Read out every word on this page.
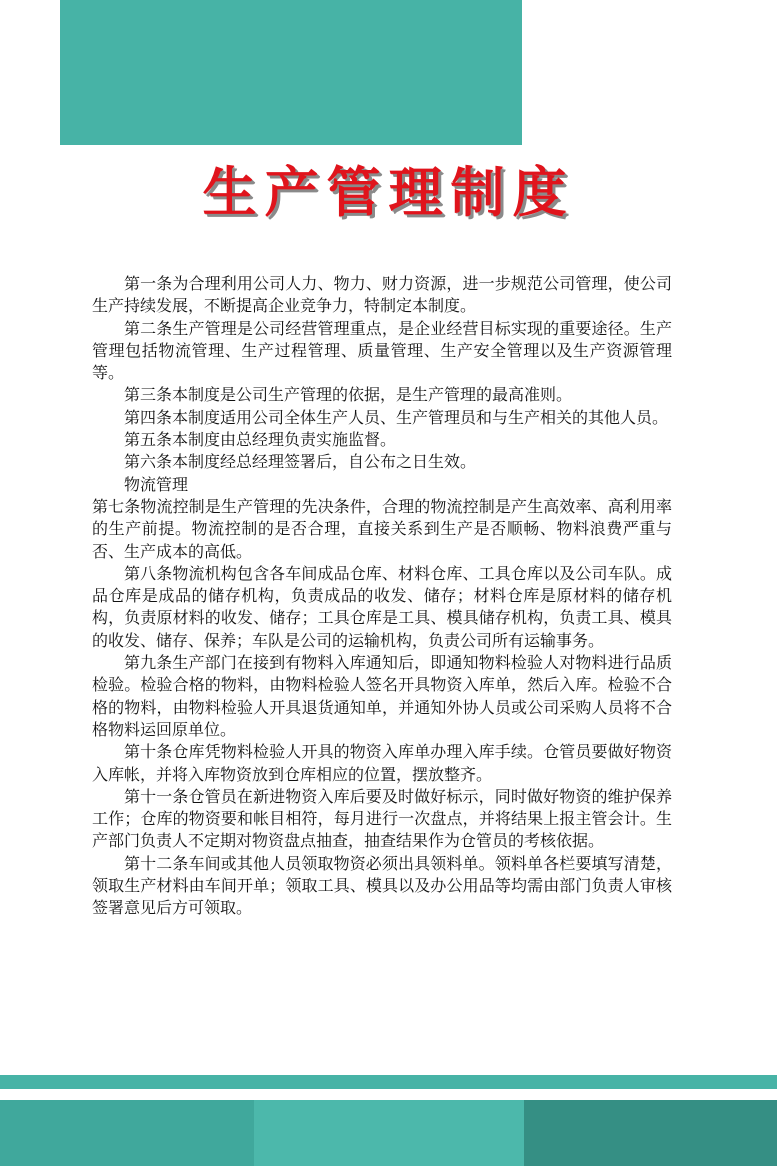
生产管理制度

第一条为合理利用公司人力、物力、财力资源，进一步规范公司管理，使公司生产持续发展，不断提高企业竞争力，特制定本制度。

第二条生产管理是公司经营管理重点，是企业经营目标实现的重要途径。生产管理包括物流管理、生产过程管理、质量管理、生产安全管理以及生产资源管理等。

第三条本制度是公司生产管理的依据，是生产管理的最高准则。

第四条本制度适用公司全体生产人员、生产管理员和与生产相关的其他人员。

第五条本制度由总经理负责实施监督。

第六条本制度经总经理签署后，自公布之日生效。

物流管理

第七条物流控制是生产管理的先决条件，合理的物流控制是产生高效率、高利用率的生产前提。物流控制的是否合理，直接关系到生产是否顺畅、物料浪费严重与否、生产成本的高低。

第八条物流机构包含各车间成品仓库、材料仓库、工具仓库以及公司车队。成品仓库是成品的储存机构，负责成品的收发、储存；材料仓库是原材料的储存机构，负责原材料的收发、储存；工具仓库是工具、模具储存机构，负责工具、模具的收发、储存、保养；车队是公司的运输机构，负责公司所有运输事务。

第九条生产部门在接到有物料入库通知后，即通知物料检验人对物料进行品质检验。检验合格的物料，由物料检验人签名开具物资入库单，然后入库。检验不合格的物料，由物料检验人开具退货通知单，并通知外协人员或公司采购人员将不合格物料运回原单位。

第十条仓库凭物料检验人开具的物资入库单办理入库手续。仓管员要做好物资入库帐，并将入库物资放到仓库相应的位置，摆放整齐。

第十一条仓管员在新进物资入库后要及时做好标示，同时做好物资的维护保养工作；仓库的物资要和帐目相符，每月进行一次盘点，并将结果上报主管会计。生产部门负责人不定期对物资盘点抽查，抽查结果作为仓管员的考核依据。

第十二条车间或其他人员领取物资必须出具领料单。领料单各栏要填写清楚，领取生产材料由车间开单；领取工具、模具以及办公用品等均需由部门负责人审核签署意见后方可领取。
